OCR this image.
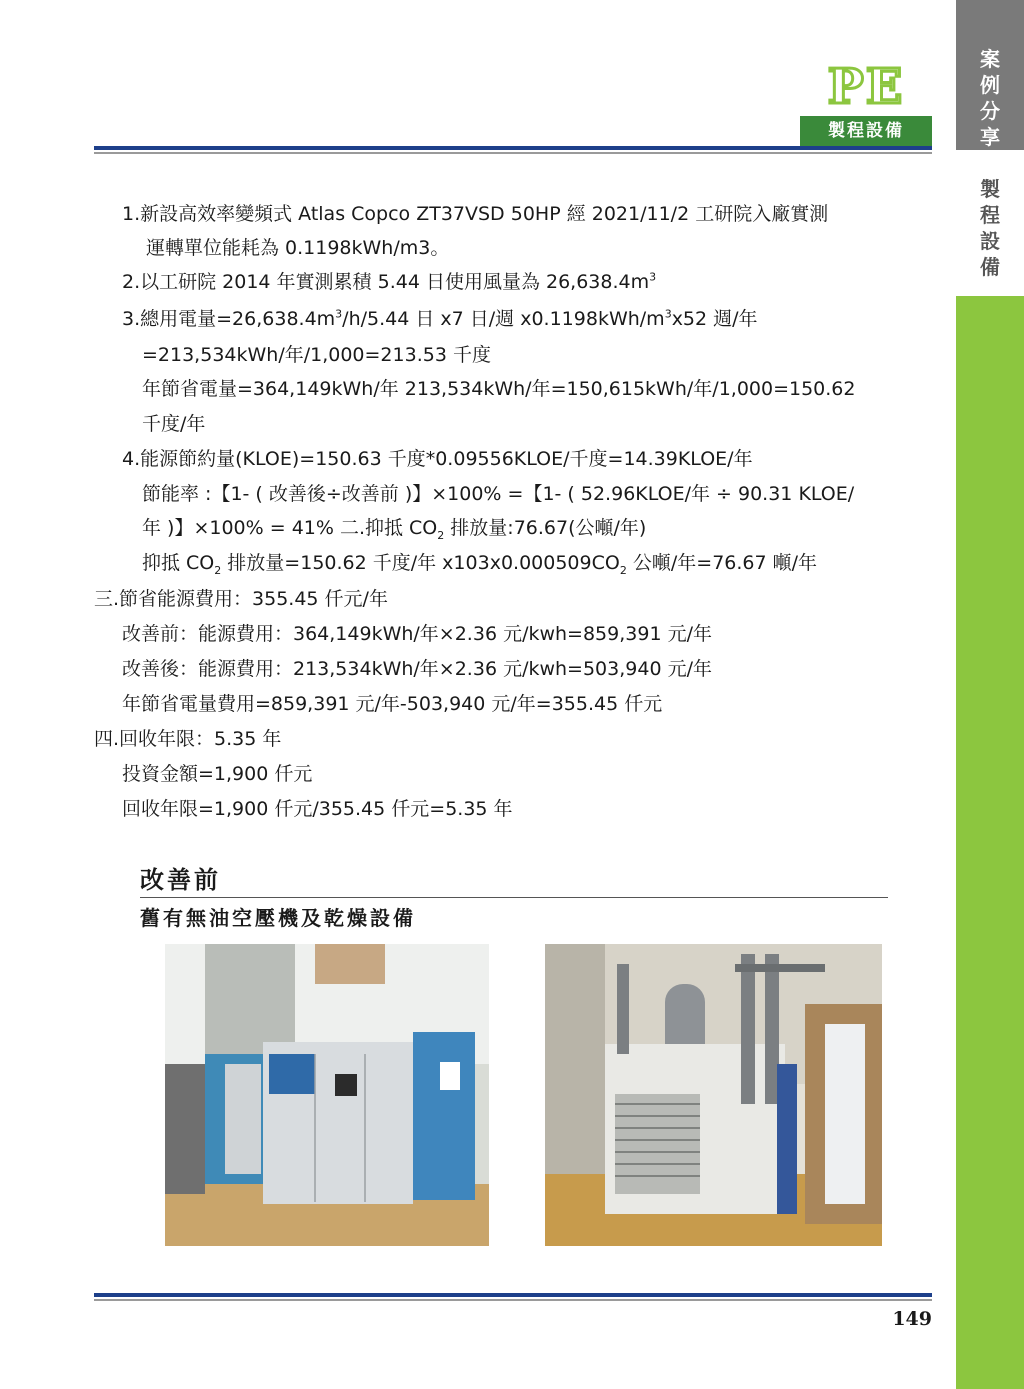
案
例
分
享
製
程
設
備
PE
製程設備
1.新設高效率變頻式 Atlas Copco ZT37VSD 50HP 經 2021/11/2 工研院入廠實測
運轉單位能耗為 0.1198kWh/m3。
2.以工研院 2014 年實測累積 5.44 日使用風量為 $26,638.4m^3$
3.總用電量$=26,638.4m^3/h/5.44$ 日 x7 日/週 $x0.1198kWh/m^3x52$ 週/年
=213,534kWh/年/1,000=213.53 千度
年節省電量=364,149kWh/年 213,534kWh/年=150,615kWh/年/1,000=150.62
千度/年
4.能源節約量(KLOE)=150.63 千度*0.09556KLOE/千度=14.39KLOE/年
節能率 :【1- ( 改善後÷改善前 )】×100% =【1- ( 52.96KLOE/年 ÷ 90.31 KLOE/
年 )】×100% = 41% 二.抑抵 $CO_2$ 排放量:76.67(公噸/年)
抑抵 $CO_2$ 排放量=150.62 千度/年 $x103x0.000509CO_2$ 公噸/年=76.67 噸/年
三.節省能源費用：355.45 仟元/年
改善前：能源費用：364,149kWh/年×2.36 元/kwh=859,391 元/年
改善後：能源費用：213,534kWh/年×2.36 元/kwh=503,940 元/年
年節省電量費用=859,391 元/年-503,940 元/年=355.45 仟元
四.回收年限：5.35 年
投資金額=1,900 仟元
回收年限=1,900 仟元/355.45 仟元=5.35 年
改善前
舊有無油空壓機及乾燥設備
149
